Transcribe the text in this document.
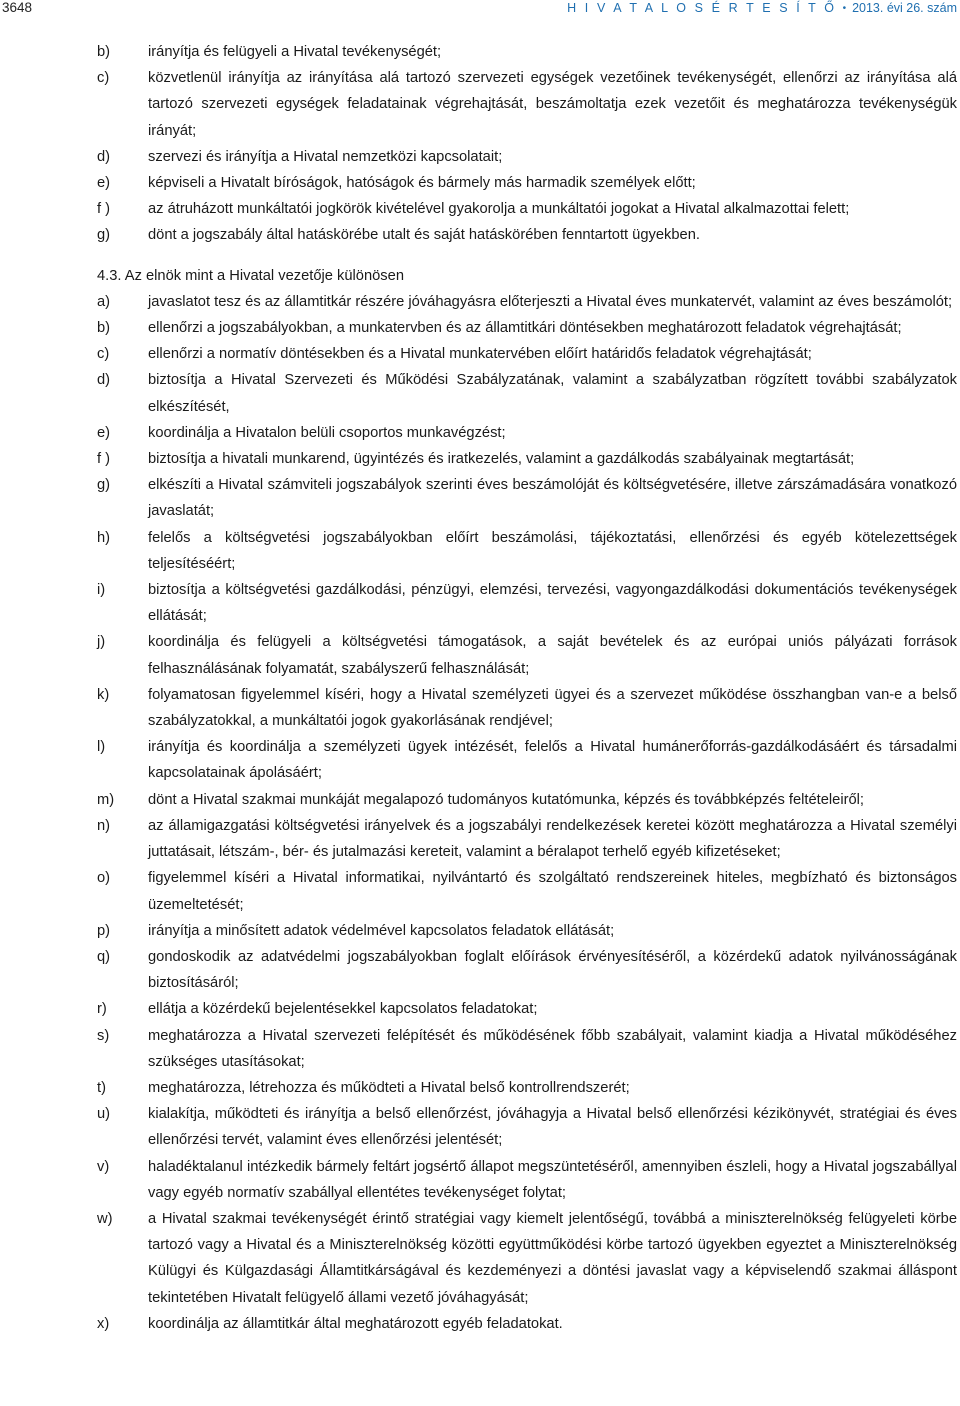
3648	H I V A T A L O S É R T E S Í T Ő • 2013. évi 26. szám
b)	irányítja és felügyeli a Hivatal tevékenységét;
c)	közvetlenül irányítja az irányítása alá tartozó szervezeti egységek vezetőinek tevékenységét, ellenőrzi az irányítása alá tartozó szervezeti egységek feladatainak végrehajtását, beszámoltatja ezek vezetőit és meghatározza tevékenységük irányát;
d)	szervezi és irányítja a Hivatal nemzetközi kapcsolatait;
e)	képviseli a Hivatalt bíróságok, hatóságok és bármely más harmadik személyek előtt;
f )	az átruházott munkáltatói jogkörök kivételével gyakorolja a munkáltatói jogokat a Hivatal alkalmazottai felett;
g)	dönt a jogszabály által hatáskörébe utalt és saját hatáskörében fenntartott ügyekben.
4.3. Az elnök mint a Hivatal vezetője különösen
a)	javaslatot tesz és az államtitkár részére jóváhagyásra előterjeszti a Hivatal éves munkatervét, valamint az éves beszámolót;
b)	ellenőrzi a jogszabályokban, a munkatervben és az államtitkári döntésekben meghatározott feladatok végrehajtását;
c)	ellenőrzi a normatív döntésekben és a Hivatal munkatervében előírt határidős feladatok végrehajtását;
d)	biztosítja a Hivatal Szervezeti és Működési Szabályzatának, valamint a szabályzatban rögzített további szabályzatok elkészítését,
e)	koordinálja a Hivatalon belüli csoportos munkavégzést;
f )	biztosítja a hivatali munkarend, ügyintézés és iratkezelés, valamint a gazdálkodás szabályainak megtartását;
g)	elkészíti a Hivatal számviteli jogszabályok szerinti éves beszámolóját és költségvetésére, illetve zárszámadására vonatkozó javaslatát;
h)	felelős a költségvetési jogszabályokban előírt beszámolási, tájékoztatási, ellenőrzési és egyéb kötelezettségek teljesítéséért;
i)	biztosítja a költségvetési gazdálkodási, pénzügyi, elemzési, tervezési, vagyongazdálkodási dokumentációs tevékenységek ellátását;
j)	koordinálja és felügyeli a költségvetési támogatások, a saját bevételek és az európai uniós pályázati források felhasználásának folyamatát, szabályszerű felhasználását;
k)	folyamatosan figyelemmel kíséri, hogy a Hivatal személyzeti ügyei és a szervezet működése összhangban van-e a belső szabályzatokkal, a munkáltatói jogok gyakorlásának rendjével;
l)	irányítja és koordinálja a személyzeti ügyek intézését, felelős a Hivatal humánerőforrás-gazdálkodásáért és társadalmi kapcsolatainak ápolásáért;
m) dönt a Hivatal szakmai munkáját megalapozó tudományos kutatómunka, képzés és továbbképzés feltételeiről;
n)	az államigazgatási költségvetési irányelvek és a jogszabályi rendelkezések keretei között meghatározza a Hivatal személyi juttatásait, létszám-, bér- és jutalmazási kereteit, valamint a béralapot terhelő egyéb kifizetéseket;
o)	figyelemmel kíséri a Hivatal informatikai, nyilvántartó és szolgáltató rendszereinek hiteles, megbízható és biztonságos üzemeltetését;
p)	irányítja a minősített adatok védelmével kapcsolatos feladatok ellátását;
q)	gondoskodik az adatvédelmi jogszabályokban foglalt előírások érvényesítéséről, a közérdekű adatok nyilvánosságának biztosításáról;
r)	ellátja a közérdekű bejelentésekkel kapcsolatos feladatokat;
s)	meghatározza a Hivatal szervezeti felépítését és működésének főbb szabályait, valamint kiadja a Hivatal működéséhez szükséges utasításokat;
t)	meghatározza, létrehozza és működteti a Hivatal belső kontrollrendszerét;
u)	kialakítja, működteti és irányítja a belső ellenőrzést, jóváhagyja a Hivatal belső ellenőrzési kézikönyvét, stratégiai és éves ellenőrzési tervét, valamint éves ellenőrzési jelentését;
v)	haladéktalanul intézkedik bármely feltárt jogsértő állapot megszüntetéséről, amennyiben észleli, hogy a Hivatal jogszabállyal vagy egyéb normatív szabállyal ellentétes tevékenységet folytat;
w) a Hivatal szakmai tevékenységét érintő stratégiai vagy kiemelt jelentőségű, továbbá a miniszterelnökség felügyeleti körbe tartozó vagy a Hivatal és a Miniszterelnökség közötti együttműködési körbe tartozó ügyekben egyeztet a Miniszterelnökség Külügyi és Külgazdasági Államtitkárságával és kezdeményezi a döntési javaslat vagy a képviselendő szakmai álláspont tekintetében Hivatalt felügyelő állami vezető jóváhagyását;
x)	koordinálja az államtitkár által meghatározott egyéb feladatokat.
